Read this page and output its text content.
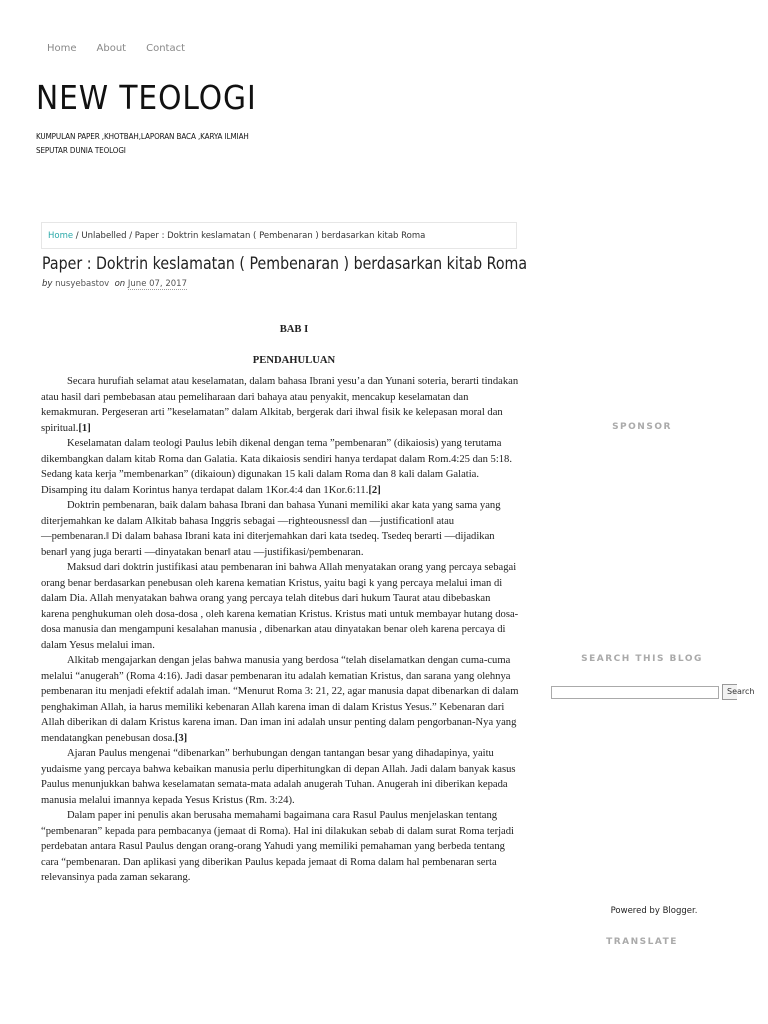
Home About Contact
NEW TEOLOGI
KUMPULAN PAPER ,KHOTBAH,LAPORAN BACA ,KARYA ILMIAH SEPUTAR DUNIA TEOLOGI
Home / Unlabelled / Paper : Doktrin keslamatan ( Pembenaran ) berdasarkan kitab Roma
Paper : Doktrin keslamatan ( Pembenaran ) berdasarkan kitab Roma
by nusyebastov on June 07, 2017

BAB I

PENDAHULUAN

Secara hurufiah selamat atau keselamatan, dalam bahasa Ibrani yesu’a dan Yunani soteria, berarti tindakan atau hasil dari pembebasan atau pemeliharaan dari bahaya atau penyakit, mencakup keselamatan dan kemakmuran. Pergeseran arti ”keselamatan” dalam Alkitab, bergerak dari ihwal fisik ke kelepasan moral dan spiritual.[1]

Keselamatan dalam teologi Paulus lebih dikenal dengan tema ”pembenaran” (dikaiosis) yang terutama dikembangkan dalam kitab Roma dan Galatia. Kata dikaiosis sendiri hanya terdapat dalam Rom.4:25 dan 5:18. Sedang kata kerja ”membenarkan” (dikaioun) digunakan 15 kali dalam Roma dan 8 kali dalam Galatia. Disamping itu dalam Korintus hanya terdapat dalam 1Kor.4:4 dan 1Kor.6:11.[2]

Doktrin pembenaran, baik dalam bahasa Ibrani dan bahasa Yunani memiliki akar kata yang sama yang diterjemahkan ke dalam Alkitab bahasa Inggris sebagai ―righteousness‖ dan ―justification‖ atau ―pembenaran.‖ Di dalam bahasa Ibrani kata ini diterjemahkan dari kata tsedeq. Tsedeq berarti ―dijadikan benar‖ yang juga berarti ―dinyatakan benar‖ atau ―justifikasi/pembenaran.

Maksud dari doktrin justifikasi atau pembenaran ini bahwa Allah menyatakan orang yang percaya sebagai orang benar berdasarkan penebusan oleh karena kematian Kristus, yaitu bagi k yang percaya melalui iman di dalam Dia. Allah menyatakan bahwa orang yang percaya telah ditebus dari hukum Taurat atau dibebaskan karena penghukuman oleh dosa-dosa , oleh karena kematian Kristus. Kristus mati untuk membayar hutang dosa-dosa manusia dan mengampuni kesalahan manusia , dibenarkan atau dinyatakan benar oleh karena percaya di dalam Yesus melalui iman.

Alkitab mengajarkan dengan jelas bahwa manusia yang berdosa “telah diselamatkan dengan cuma-cuma melalui “anugerah” (Roma 4:16). Jadi dasar pembenaran itu adalah kematian Kristus, dan sarana yang olehnya pembenaran itu menjadi efektif adalah iman. “Menurut Roma 3: 21, 22, agar manusia dapat dibenarkan di dalam penghakiman Allah, ia harus memiliki kebenaran Allah karena iman di dalam Kristus Yesus.” Kebenaran dari Allah diberikan di dalam Kristus karena iman. Dan iman ini adalah unsur penting dalam pengorbanan-Nya yang mendatangkan penebusan dosa.[3]

Ajaran Paulus mengenai “dibenarkan” berhubungan dengan tantangan besar yang dihadapinya, yaitu yudaisme yang percaya bahwa kebaikan manusia perlu diperhitungkan di depan Allah. Jadi dalam banyak kasus Paulus menunjukkan bahwa keselamatan semata-mata adalah anugerah Tuhan. Anugerah ini diberikan kepada manusia melalui imannya kepada Yesus Kristus (Rm. 3:24).

Dalam paper ini penulis akan berusaha memahami bagaimana cara Rasul Paulus menjelaskan tentang “pembenaran” kepada para pembacanya (jemaat di Roma). Hal ini dilakukan sebab di dalam surat Roma terjadi perdebatan antara Rasul Paulus dengan orang-orang Yahudi yang memiliki pemahaman yang berbeda tentang cara “pembenaran. Dan aplikasi yang diberikan Paulus kepada jemaat di Roma dalam hal pembenaran serta relevansinya pada zaman sekarang.

SPONSOR
SEARCH THIS BLOG
Search
Powered by Blogger.
TRANSLATE
